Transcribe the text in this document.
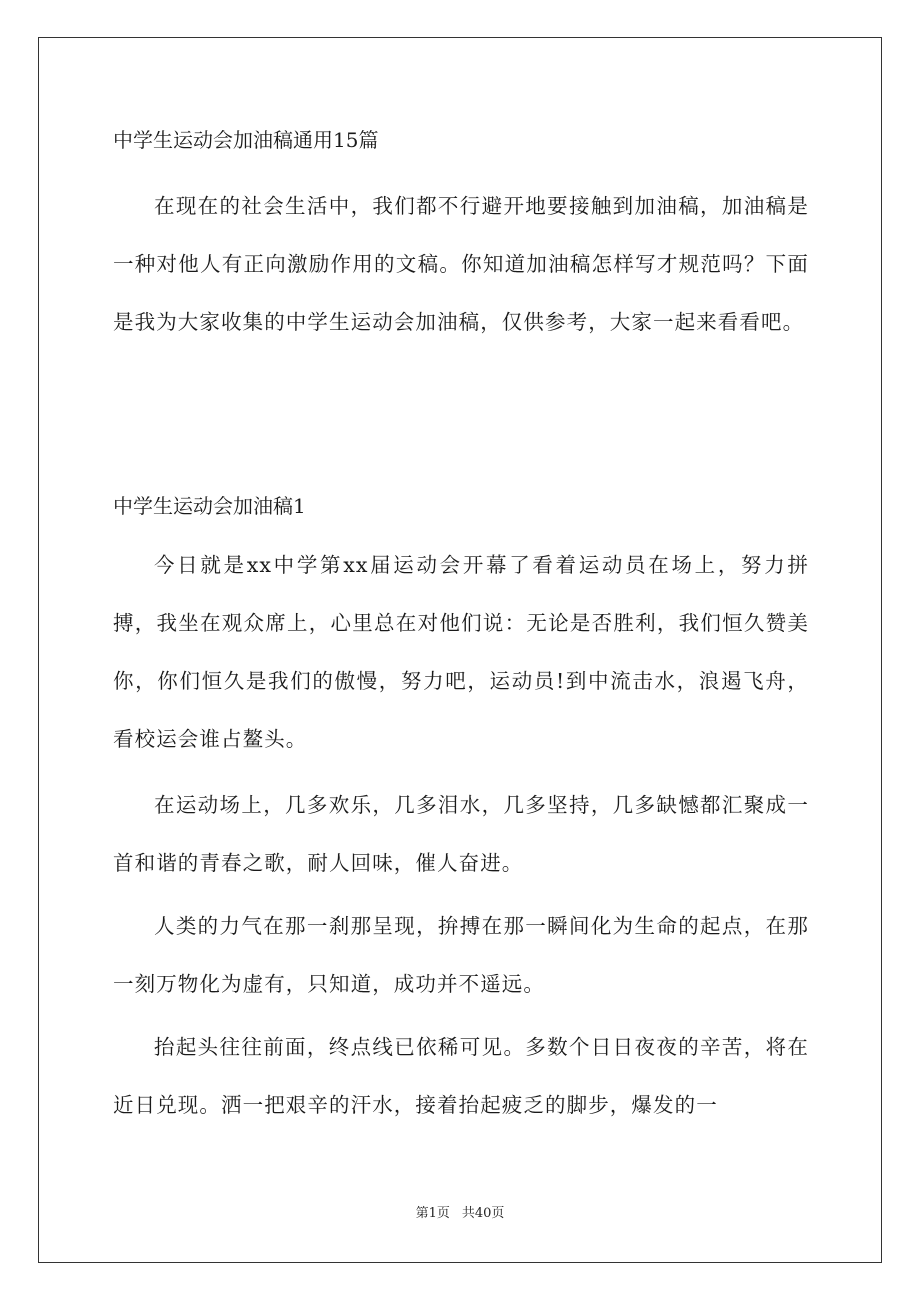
中学生运动会加油稿通用15篇

在现在的社会生活中，我们都不行避开地要接触到加油稿，加油稿是一种对他人有正向激励作用的文稿。你知道加油稿怎样写才规范吗？下面是我为大家收集的中学生运动会加油稿，仅供参考，大家一起来看看吧。

中学生运动会加油稿1

今日就是xx中学第xx届运动会开幕了看着运动员在场上，努力拼搏，我坐在观众席上，心里总在对他们说：无论是否胜利，我们恒久赞美你，你们恒久是我们的傲慢，努力吧，运动员!到中流击水，浪遏飞舟，看校运会谁占鳌头。

在运动场上，几多欢乐，几多泪水，几多坚持，几多缺憾都汇聚成一首和谐的青春之歌，耐人回味，催人奋进。

人类的力气在那一刹那呈现，拚搏在那一瞬间化为生命的起点，在那一刻万物化为虚有，只知道，成功并不遥远。

抬起头往往前面，终点线已依稀可见。多数个日日夜夜的辛苦，将在近日兑现。洒一把艰辛的汗水，接着抬起疲乏的脚步，爆发的一

第1页 共40页
